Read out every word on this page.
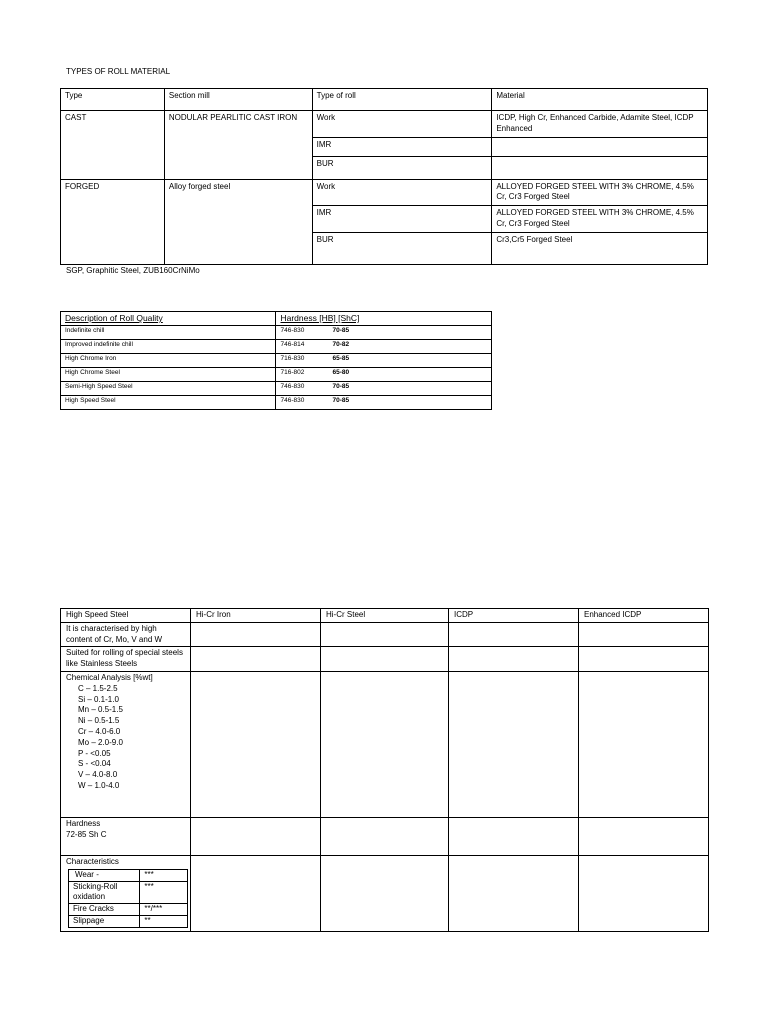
TYPES OF ROLL MATERIAL
Type	Section mill	Type of roll	Material
CAST	NODULAR PEARLITIC CAST IRON	Work	ICDP, High Cr, Enhanced Carbide, Adamite Steel, ICDP Enhanced
		IMR	
		BUR	
FORGED	Alloy forged steel	Work	ALLOYED FORGED STEEL WITH 3% CHROME, 4.5% Cr, Cr3 Forged Steel
		IMR	ALLOYED FORGED STEEL WITH 3% CHROME, 4.5% Cr, Cr3 Forged Steel
		BUR	Cr3,Cr5 Forged Steel
SGP, Graphitic Steel, ZUB160CrNiMo
Description of Roll Quality	Hardness [HB] [ShC]
Indefinite chill	746-830 70-85
Improved indefinite chill	746-814 70-82
High Chrome Iron	716-830 65-85
High Chrome Steel	716-802 65-80
Semi-High Speed Steel	746-830 70-85
High Speed Steel	746-830 70-85
High Speed Steel	Hi-Cr Iron	Hi-Cr Steel	ICDP	Enhanced ICDP
It is characterised by high content of Cr, Mo, V and W				
Suited for rolling of special steels like Stainless Steels				

Chemical Analysis [%wt]
C – 1.5-2.5
Si – 0.1-1.0
Mn – 0.5-1.5
Ni – 0.5-1.5
Cr – 4.0-6.0
Mo – 2.0-9.0
P - <0.05
S - <0.04
V – 4.0-8.0
W – 1.0-4.0

Hardness
72-85 Sh C

Characteristics
Wear -	***
Sticking-Roll oxidation	***
Fire Cracks	**/***
Slippage	**
